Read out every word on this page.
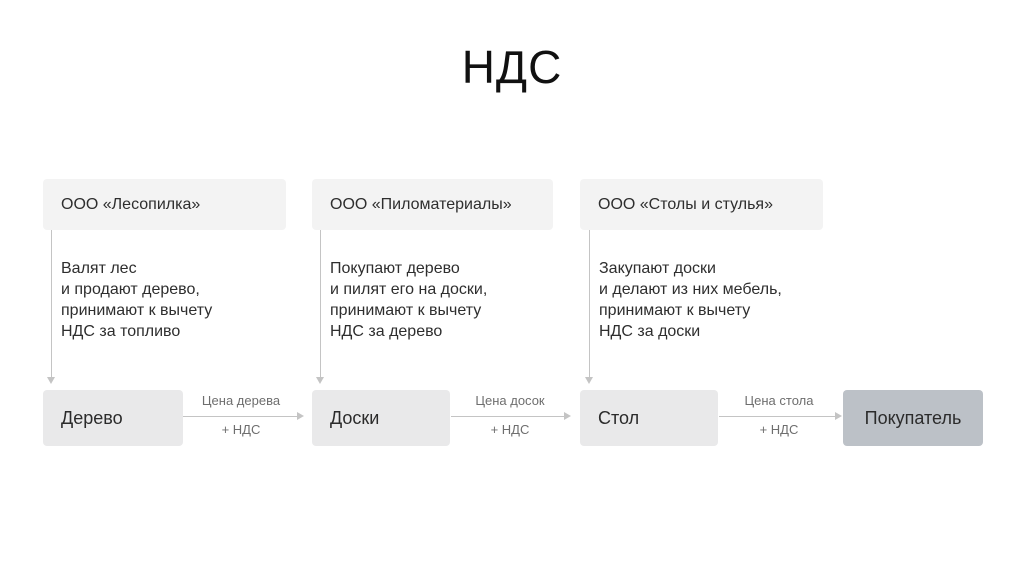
НДС
ООО «Лесопилка»
Валят лес
и продают дерево,
принимают к вычету
НДС за топливо
Дерево
Цена дерева
+ НДС
ООО «Пиломатериалы»
Покупают дерево
и пилят его на доски,
принимают к вычету
НДС за дерево
Доски
Цена досок
+ НДС
ООО «Столы и стулья»
Закупают доски
и делают из них мебель,
принимают к вычету
НДС за доски
Стол
Цена стола
+ НДС
Покупатель
